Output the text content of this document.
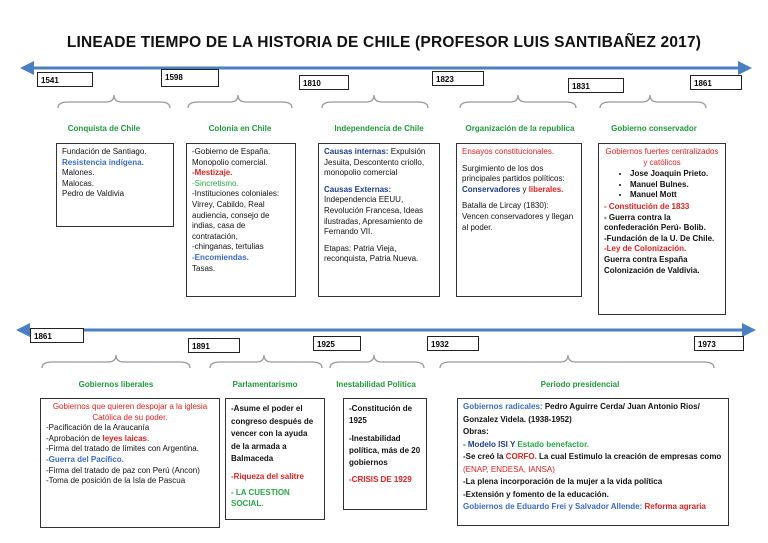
LINEADE TIEMPO DE LA HISTORIA DE CHILE (PROFESOR LUIS SANTIBAÑEZ 2017)
1541	1598
1810	1823
1831	1861
Conquista de Chile	Colonia en Chile	Independencia de Chile	Organización de la republica	Gobierno conservador
Fundación de Santiago.
Resistencia indígena.
Malones.
Malocas.
Pedro de Valdivia
-Gobierno de España.
Monopolio comercial.
-Mestizaje.
-Sincretismo.
-Instituciones coloniales: Virrey, Cabildo, Real audiencia, consejo de indias, casa de contratación,
-chinganas, tertulias
-Encomiendas.
Tasas.
Causas internas: Expulsión Jesuita, Descontento criollo, monopolio comercial
Causas Externas:
Independencia EEUU, Revolución Francesa, Ideas ilustradas, Apresamiento de Fernando VII.
Etapas: Patria Vieja, reconquista, Patria Nueva.
Ensayos constitucionales.
Surgimiento de los dos principales partidos políticos: Conservadores y liberales.
Batalla de Lircay (1830): Vencen conservadores y llegan al poder.
Gobiernos fuertes centralizados y católicos
• Jose Joaquin Prieto.
• Manuel Bulnes.
• Manuel Mott
- Constitución de 1833
- Guerra contra la confederación Perú- Bolib.
-Fundación de la U. De Chile.
-Ley de Colonización.
Guerra contra España
Colonización de Valdivia.
1861
1891	1925	1932	1973
Gobiernos liberales	Parlamentarismo	Inestabilidad Política	Periodo presidencial
Gobiernos que quieren despojar a la iglesia Católica de su poder.
-Pacificación de la Araucanía
-Aprobación de leyes laicas.
-Firma del tratado de límites con Argentina.
-Guerra del Pacífico.
-Firma del tratado de paz con Perú (Ancon)
-Toma de posición de la Isla de Pascua
-Asume el poder el congreso después de vencer con la ayuda de la armada a Balmaceda
-Riqueza del salitre
- LA CUESTION SOCIAL.
-Constitución de 1925
-Inestabilidad política, más de 20 gobiernos
-CRISIS DE 1929
Gobiernos radicales: Pedro Aguirre Cerda/ Juan Antonio Rios/ Gonzalez Videla. (1938-1952)
Obras:
- Modelo ISI Y Estado benefactor.
-Se creó la CORFO. La cual Estimulo la creación de empresas como (ENAP, ENDESA, IANSA)
-La plena incorporación de la mujer a la vida política
-Extensión y fomento de la educación.
Gobiernos de Eduardo Frei y Salvador Allende: Reforma agraria
